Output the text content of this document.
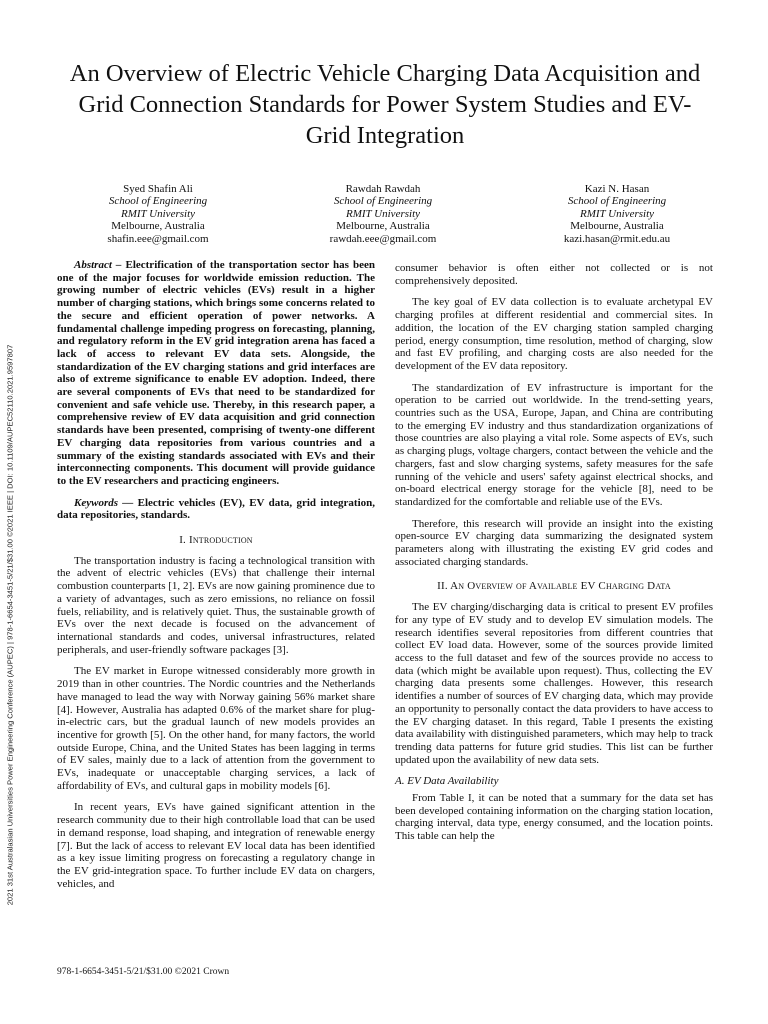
2021 31st Australasian Universities Power Engineering Conference (AUPEC) | 978-1-6654-3451-5/21/$31.00 ©2021 IEEE | DOI: 10.1109/AUPEC52110.2021.9597807
An Overview of Electric Vehicle Charging Data Acquisition and Grid Connection Standards for Power System Studies and EV-Grid Integration
Syed Shafin Ali
School of Engineering
RMIT University
Melbourne, Australia
shafin.eee@gmail.com
Rawdah Rawdah
School of Engineering
RMIT University
Melbourne, Australia
rawdah.eee@gmail.com
Kazi N. Hasan
School of Engineering
RMIT University
Melbourne, Australia
kazi.hasan@rmit.edu.au

Abstract – Electrification of the transportation sector has been one of the major focuses for worldwide emission reduction. The growing number of electric vehicles (EVs) result in a higher number of charging stations, which brings some concerns related to the secure and efficient operation of power networks. A fundamental challenge impeding progress on forecasting, planning, and regulatory reform in the EV grid integration arena has faced a lack of access to relevant EV data sets. Alongside, the standardization of the EV charging stations and grid interfaces are also of extreme significance to enable EV adoption. Indeed, there are several components of EVs that need to be standardized for convenient and safe vehicle use. Thereby, in this research paper, a comprehensive review of EV data acquisition and grid connection standards have been presented, comprising of twenty-one different EV charging data repositories from various countries and a summary of the existing standards associated with EVs and their interconnecting components. This document will provide guidance to the EV researchers and practicing engineers.

Keywords — Electric vehicles (EV), EV data, grid integration, data repositories, standards.

I. Introduction

The transportation industry is facing a technological transition with the advent of electric vehicles (EVs) that challenge their internal combustion counterparts [1, 2]. EVs are now gaining prominence due to a variety of advantages, such as zero emissions, no reliance on fossil fuels, reliability, and is relatively quiet. Thus, the sustainable growth of EVs over the next decade is focused on the advancement of international standards and codes, universal infrastructures, related peripherals, and user-friendly software packages [3].

The EV market in Europe witnessed considerably more growth in 2019 than in other countries. The Nordic countries and the Netherlands have managed to lead the way with Norway gaining 56% market share [4]. However, Australia has adapted 0.6% of the market share for plug-in-electric cars, but the gradual launch of new models provides an incentive for growth [5]. On the other hand, for many factors, the world outside Europe, China, and the United States has been lagging in terms of EV sales, mainly due to a lack of attention from the government to EVs, inadequate or unacceptable charging services, a lack of affordability of EVs, and cultural gaps in mobility models [6].

In recent years, EVs have gained significant attention in the research community due to their high controllable load that can be used in demand response, load shaping, and integration of renewable energy [7]. But the lack of access to relevant EV local data has been identified as a key issue limiting progress on forecasting a regulatory change in the EV grid-integration space. To further include EV data on chargers, vehicles, and

consumer behavior is often either not collected or is not comprehensively deposited.

The key goal of EV data collection is to evaluate archetypal EV charging profiles at different residential and commercial sites. In addition, the location of the EV charging station sampled charging period, energy consumption, time resolution, method of charging, slow and fast EV profiling, and charging costs are also needed for the development of the EV data repository.

The standardization of EV infrastructure is important for the operation to be carried out worldwide. In the trend-setting years, countries such as the USA, Europe, Japan, and China are contributing to the emerging EV industry and thus standardization organizations of those countries are also playing a vital role. Some aspects of EVs, such as charging plugs, voltage chargers, contact between the vehicle and the chargers, fast and slow charging systems, safety measures for the safe running of the vehicle and users' safety against electrical shocks, and on-board electrical energy storage for the vehicle [8], need to be standardized for the comfortable and reliable use of the EVs.

Therefore, this research will provide an insight into the existing open-source EV charging data summarizing the designated system parameters along with illustrating the existing EV grid codes and associated charging standards.

II. An Overview of Available EV Charging Data

The EV charging/discharging data is critical to present EV profiles for any type of EV study and to develop EV simulation models. The research identifies several repositories from different countries that collect EV load data. However, some of the sources provide limited access to the full dataset and few of the sources provide no access to data (which might be available upon request). Thus, collecting the EV charging data presents some challenges. However, this research identifies a number of sources of EV charging data, which may provide an opportunity to personally contact the data providers to have access to the EV charging dataset. In this regard, Table I presents the existing data availability with distinguished parameters, which may help to track trending data patterns for future grid studies. This list can be further updated upon the availability of new data sets.

A. EV Data Availability

From Table I, it can be noted that a summary for the data set has been developed containing information on the charging station location, charging interval, data type, energy consumed, and the location points. This table can help the

978-1-6654-3451-5/21/$31.00 ©2021 Crown
